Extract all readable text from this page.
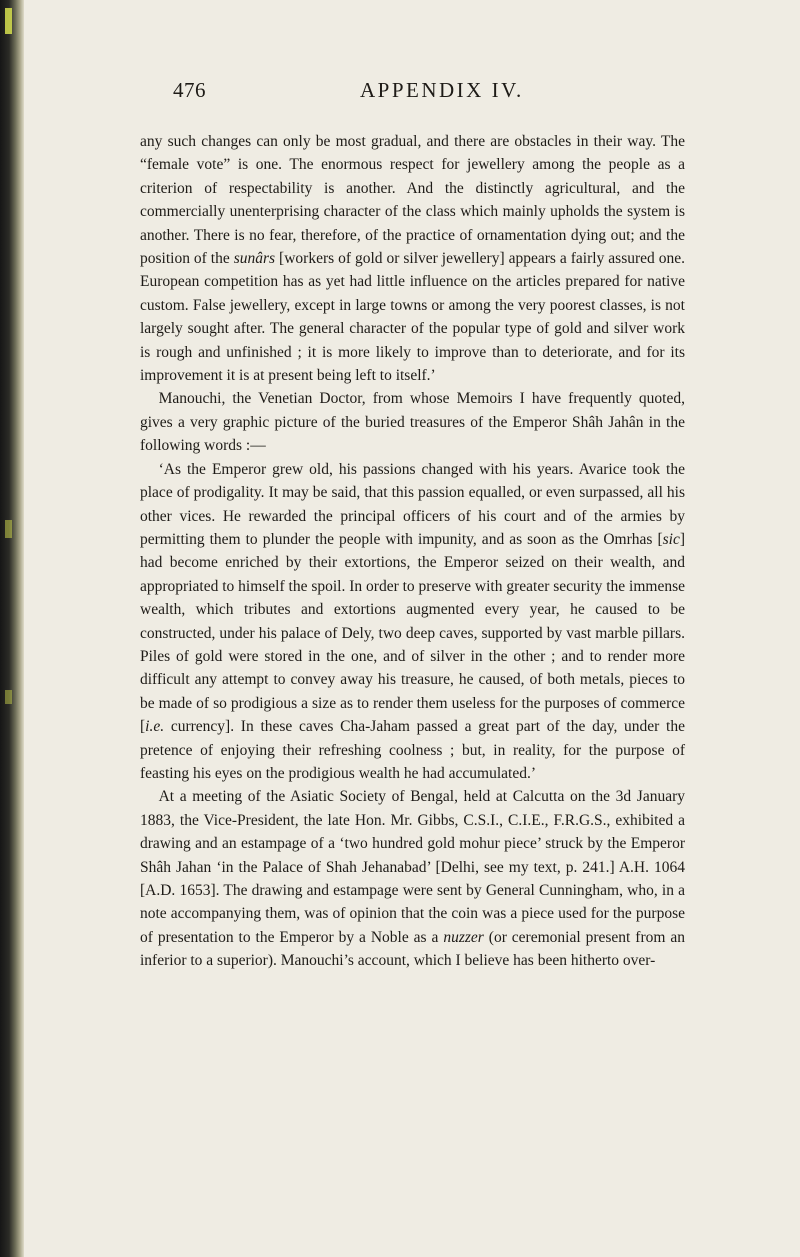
476	APPENDIX IV.

any such changes can only be most gradual, and there are obstacles in their way. The “female vote” is one. The enormous respect for jewellery among the people as a criterion of respectability is another. And the distinctly agricultural, and the commercially unenterprising character of the class which mainly upholds the system is another. There is no fear, therefore, of the practice of ornamentation dying out; and the position of the sunârs [workers of gold or silver jewellery] appears a fairly assured one. European competition has as yet had little influence on the articles prepared for native custom. False jewellery, except in large towns or among the very poorest classes, is not largely sought after. The general character of the popular type of gold and silver work is rough and unfinished ; it is more likely to improve than to deteriorate, and for its improvement it is at present being left to itself.’

Manouchi, the Venetian Doctor, from whose Memoirs I have frequently quoted, gives a very graphic picture of the buried treasures of the Emperor Shâh Jahân in the following words :—

‘As the Emperor grew old, his passions changed with his years. Avarice took the place of prodigality. It may be said, that this passion equalled, or even surpassed, all his other vices. He rewarded the principal officers of his court and of the armies by permitting them to plunder the people with impunity, and as soon as the Omrhas [sic] had become enriched by their extortions, the Emperor seized on their wealth, and appropriated to himself the spoil. In order to preserve with greater security the immense wealth, which tributes and extortions augmented every year, he caused to be constructed, under his palace of Dely, two deep caves, supported by vast marble pillars. Piles of gold were stored in the one, and of silver in the other ; and to render more difficult any attempt to convey away his treasure, he caused, of both metals, pieces to be made of so prodigious a size as to render them useless for the purposes of commerce [i.e. currency]. In these caves Cha-Jaham passed a great part of the day, under the pretence of enjoying their refreshing coolness ; but, in reality, for the purpose of feasting his eyes on the prodigious wealth he had accumulated.’

At a meeting of the Asiatic Society of Bengal, held at Calcutta on the 3d January 1883, the Vice-President, the late Hon. Mr. Gibbs, C.S.I., C.I.E., F.R.G.S., exhibited a drawing and an estampage of a ‘two hundred gold mohur piece’ struck by the Emperor Shâh Jahan ‘in the Palace of Shah Jehanabad’ [Delhi, see my text, p. 241.] A.H. 1064 [A.D. 1653]. The drawing and estampage were sent by General Cunningham, who, in a note accompanying them, was of opinion that the coin was a piece used for the purpose of presentation to the Emperor by a Noble as a nuzzer (or ceremonial present from an inferior to a superior). Manouchi’s account, which I believe has been hitherto over-
